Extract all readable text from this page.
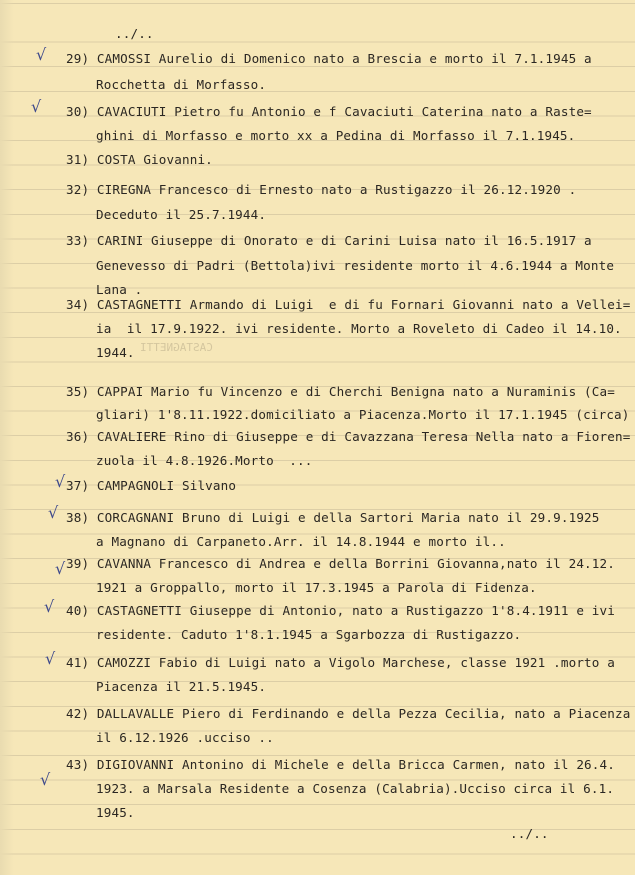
../..
CASTAGNETTI
√ 29) CAMOSSI Aurelio di Domenico nato a Brescia e morto il 7.1.1945 a
Rocchetta di Morfasso.
√ 30) CAVACIUTI Pietro fu Antonio e f Cavaciuti Caterina nato a Raste=
ghini di Morfasso e morto xx a Pedina di Morfasso il 7.1.1945.
31) COSTA Giovanni.
32) CIREGNA Francesco di Ernesto nato a Rustigazzo il 26.12.1920 .
Deceduto il 25.7.1944.
33) CARINI Giuseppe di Onorato e di Carini Luisa nato il 16.5.1917 a
Genevesso di Padri (Bettola)ivi residente morto il 4.6.1944 a Monte
Lana .
34) CASTAGNETTI Armando di Luigi  e di fu Fornari Giovanni nato a Vellei=
ia  il 17.9.1922. ivi residente. Morto a Roveleto di Cadeo il 14.10.
1944.
35) CAPPAI Mario fu Vincenzo e di Cherchi Benigna nato a Nuraminis (Ca=
gliari) 1'8.11.1922.domiciliato a Piacenza.Morto il 17.1.1945 (circa)
36) CAVALIERE Rino di Giuseppe e di Cavazzana Teresa Nella nato a Fioren=
zuola il 4.8.1926.Morto  ...
√ 37) CAMPAGNOLI Silvano
√ 38) CORCAGNANI Bruno di Luigi e della Sartori Maria nato il 29.9.1925
a Magnano di Carpaneto.Arr. il 14.8.1944 e morto il..
√ 39) CAVANNA Francesco di Andrea e della Borrini Giovanna,nato il 24.12.
1921 a Groppallo, morto il 17.3.1945 a Parola di Fidenza.
√ 40) CASTAGNETTI Giuseppe di Antonio, nato a Rustigazzo 1'8.4.1911 e ivi
residente. Caduto 1'8.1.1945 a Sgarbozza di Rustigazzo.
√ 41) CAMOZZI Fabio di Luigi nato a Vigolo Marchese, classe 1921 .morto a
Piacenza il 21.5.1945.
42) DALLAVALLE Piero di Ferdinando e della Pezza Cecilia, nato a Piacenza
il 6.12.1926 .ucciso ..
√
43) DIGIOVANNI Antonino di Michele e della Bricca Carmen, nato il 26.4.
1923. a Marsala Residente a Cosenza (Calabria).Ucciso circa il 6.1.
1945.
../..
